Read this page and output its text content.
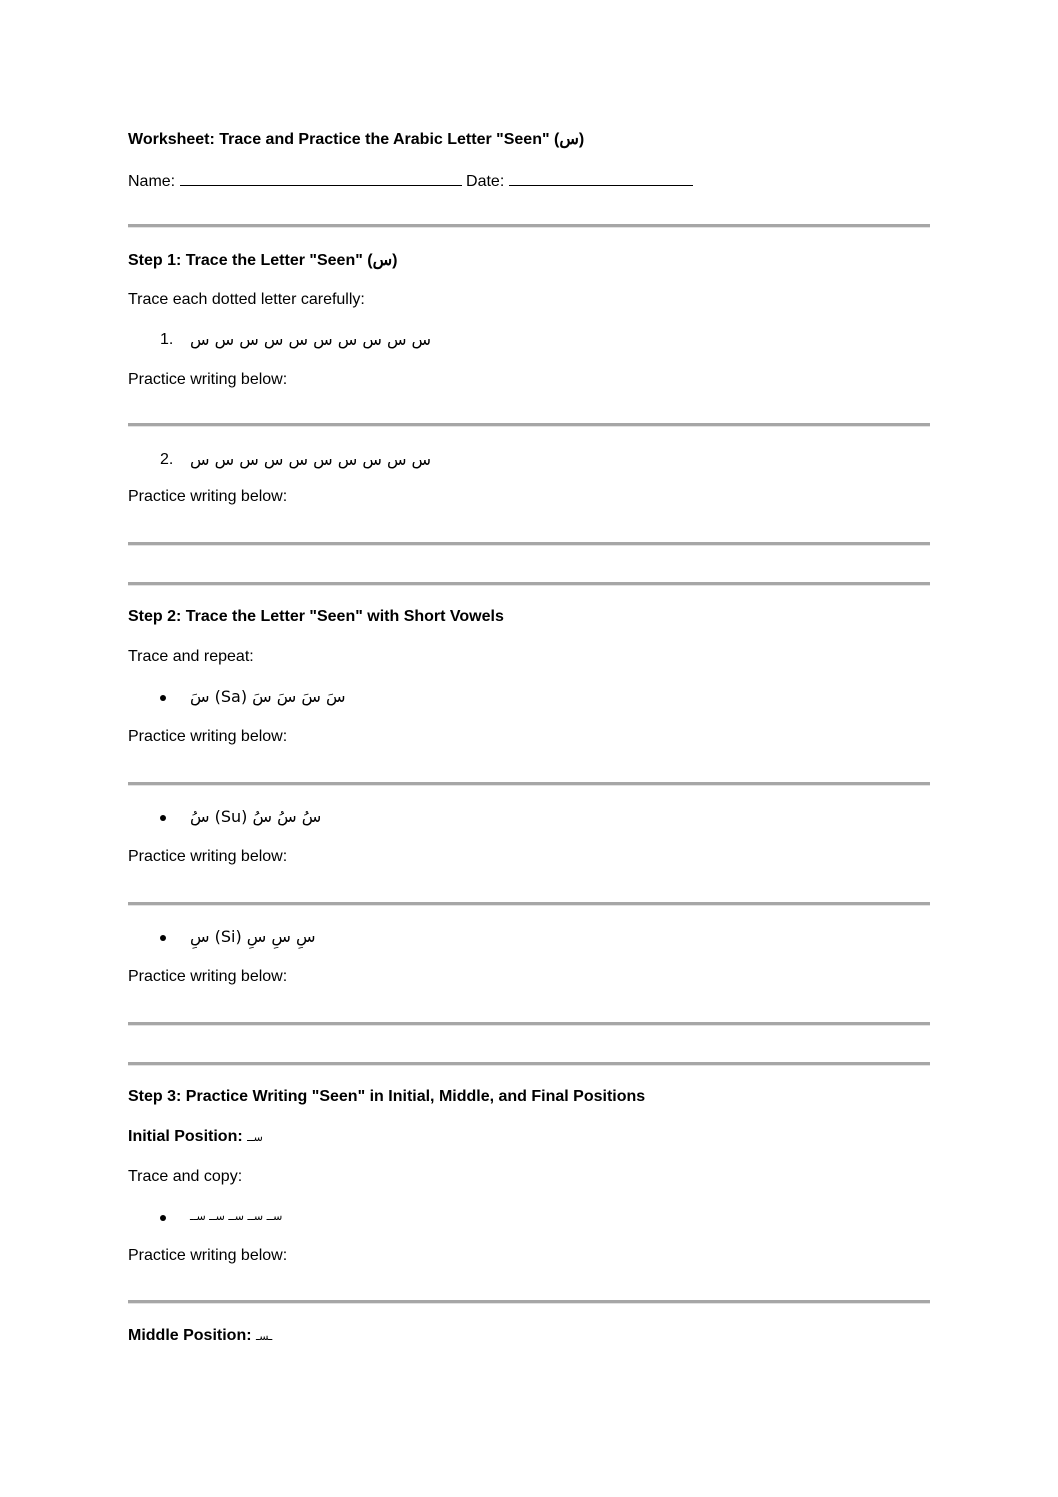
Worksheet: Trace and Practice the Arabic Letter "Seen" (س)
Name:	Date:
Step 1: Trace the Letter "Seen" (س)
Trace each dotted letter carefully:
1. س س س س س س س س س س
Practice writing below:
2. س س س س س س س س س س
Practice writing below:
Step 2: Trace the Letter "Seen" with Short Vowels
Trace and repeat:
سَ (Sa) سَ سَ سَ سَ
Practice writing below:
سُ (Su) سُ سُ سُ
Practice writing below:
سِ (Si) سِ سِ سِ
Practice writing below:
Step 3: Practice Writing "Seen" in Initial, Middle, and Final Positions
Initial Position: ســ
Trace and copy:
ســ ســ ســ ســ ســ
Practice writing below:
Middle Position: ـسـ
